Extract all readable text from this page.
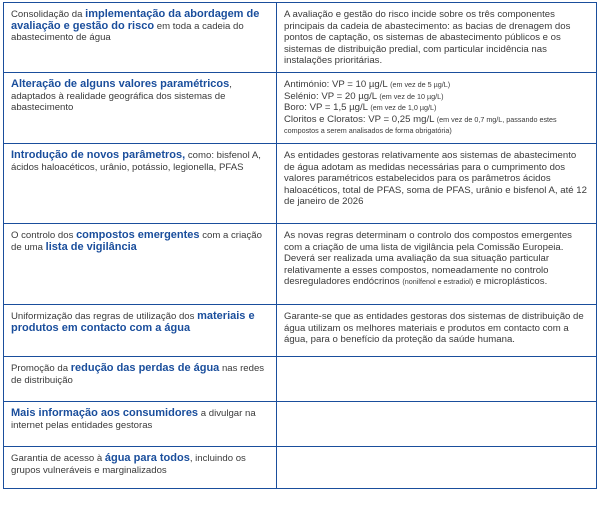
Consolidação da implementação da abordagem de avaliação e gestão do risco em toda a cadeia do abastecimento de água	A avaliação e gestão do risco incide sobre os três componentes principais da cadeia de abastecimento: as bacias de drenagem dos pontos de captação, os sistemas de abastecimento públicos e os sistemas de distribuição predial, com particular incidência nas instalações prioritárias.
Alteração de alguns valores paramétricos, adaptados à realidade geográfica dos sistemas de abastecimento	Antimónio: VP = 10 µg/L (em vez de 5 µg/L)
Selénio: VP = 20 µg/L (em vez de 10 µg/L)
Boro: VP = 1,5 µg/L (em vez de 1,0 µg/L)
Cloritos e Cloratos: VP = 0,25 mg/L (em vez de 0,7 mg/L, passando estes compostos a serem analisados de forma obrigatória)

Introdução de novos parâmetros, como: bisfenol A, ácidos haloacéticos, urânio, potássio, legionella, PFAS	As entidades gestoras relativamente aos sistemas de abastecimento de água adotam as medidas necessárias para o cumprimento dos valores paramétricos estabelecidos para os parâmetros ácidos haloacéticos, total de PFAS, soma de PFAS, urânio e bisfenol A, até 12 de janeiro de 2026
O controlo dos compostos emergentes com a criação de uma lista de vigilância	As novas regras determinam o controlo dos compostos emergentes com a criação de uma lista de vigilância pela Comissão Europeia. Deverá ser realizada uma avaliação da sua situação particular relativamente a esses compostos, nomeadamente no controlo desreguladores endócrinos (nonilfenol e estradiol) e microplásticos.
Uniformização das regras de utilização dos materiais e produtos em contacto com a água	Garante-se que as entidades gestoras dos sistemas de distribuição de água utilizam os melhores materiais e produtos em contacto com a água, para o benefício da proteção da saúde humana.
Promoção da redução das perdas de água nas redes de distribuição	
Mais informação aos consumidores a divulgar na internet pelas entidades gestoras	
Garantia de acesso à água para todos, incluindo os grupos vulneráveis e marginalizados	
